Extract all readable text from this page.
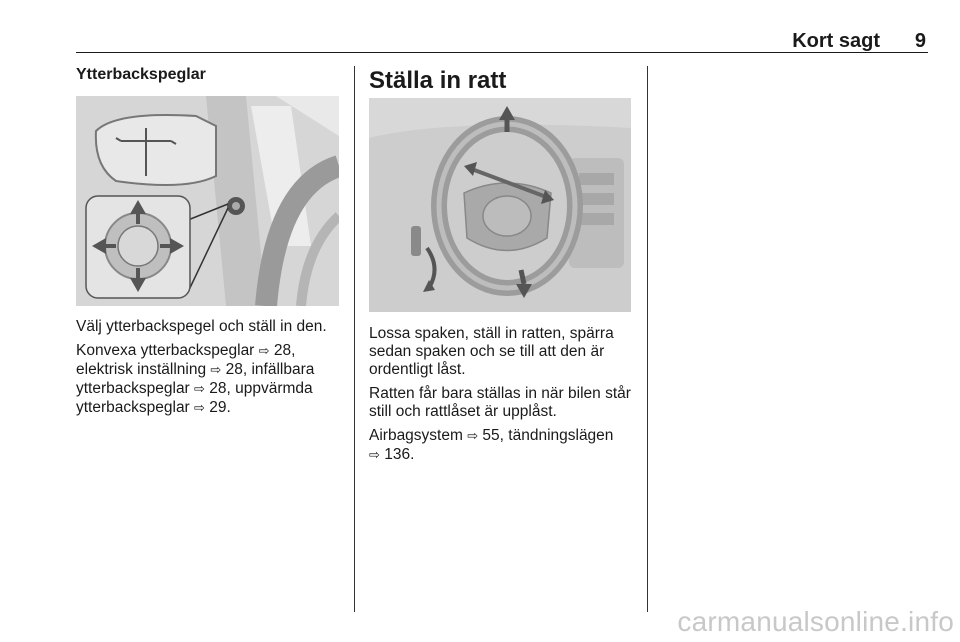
Kort sagt 9
Ytterbackspeglar

Välj ytterbackspegel och ställ in den.

Konvexa ytterbackspeglar ⇨ 28,
elektrisk inställning ⇨ 28, infällbara
ytterbackspeglar ⇨ 28, uppvärmda
ytterbackspeglar ⇨ 29.

Ställa in ratt

Lossa spaken, ställ in ratten, spärra
sedan spaken och se till att den är
ordentligt låst.

Ratten får bara ställas in när bilen står
still och rattlåset är upplåst.

Airbagsystem ⇨ 55, tändningslägen
⇨ 136.

carmanualsonline.info
